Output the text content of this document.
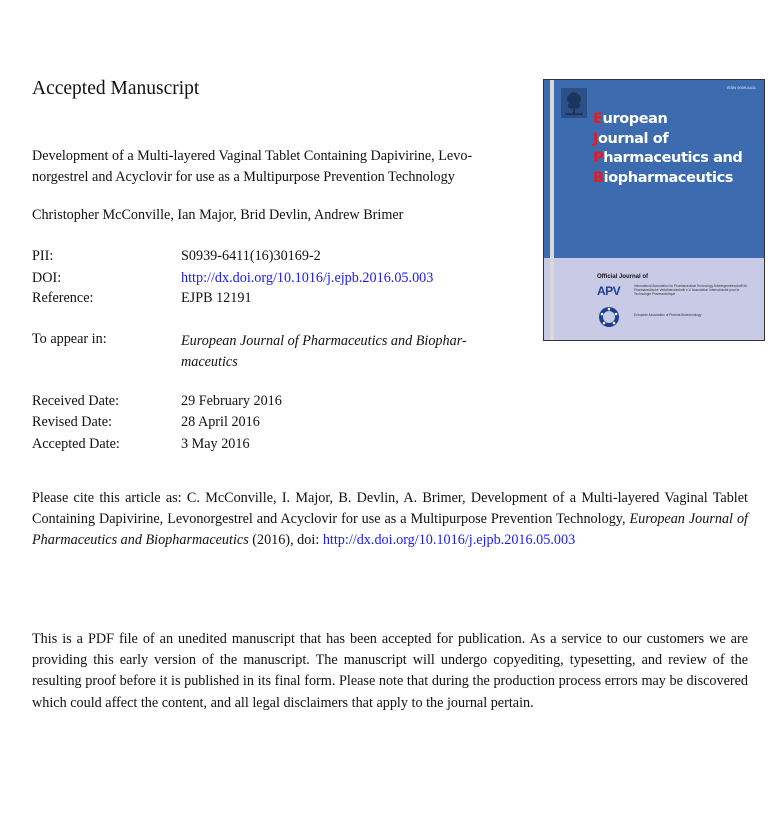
Accepted Manuscript
Development of a Multi-layered Vaginal Tablet Containing Dapivirine, Levo-
norgestrel and Acyclovir for use as a Multipurpose Prevention Technology
Christopher McConville, Ian Major, Brid Devlin, Andrew Brimer
PII:	S0939-6411(16)30169-2
DOI:	http://dx.doi.org/10.1016/j.ejpb.2016.05.003
Reference:	EJPB 12191
To appear in:	European Journal of Pharmaceutics and Biophar-
maceutics
Received Date:	29 February 2016
Revised Date:	28 April 2016
Accepted Date:	3 May 2016
Please cite this article as: C. McConville, I. Major, B. Devlin, A. Brimer, Development of a Multi-layered Vaginal Tablet Containing Dapivirine, Levonorgestrel and Acyclovir for use as a Multipurpose Prevention Technology, European Journal of Pharmaceutics and Biopharmaceutics (2016), doi: http://dx.doi.org/10.1016/j.ejpb.2016.05.003
This is a PDF file of an unedited manuscript that has been accepted for publication. As a service to our customers we are providing this early version of the manuscript. The manuscript will undergo copyediting, typesetting, and review of the resulting proof before it is published in its final form. Please note that during the production process errors may be discovered which could affect the content, and all legal disclaimers that apply to the journal pertain.
ISSN 0939-6411
European
Journal of
Pharmaceutics and
Biopharmaceutics
Official Journal of
APV	International Association for Pharmaceutical Technology Arbeitsgemeinschaft für Pharmazeutische Verfahrenstechnik e.V. Association Internationale pour la Technologie Pharmaceutique
European Association of Pharma Biotechnology
